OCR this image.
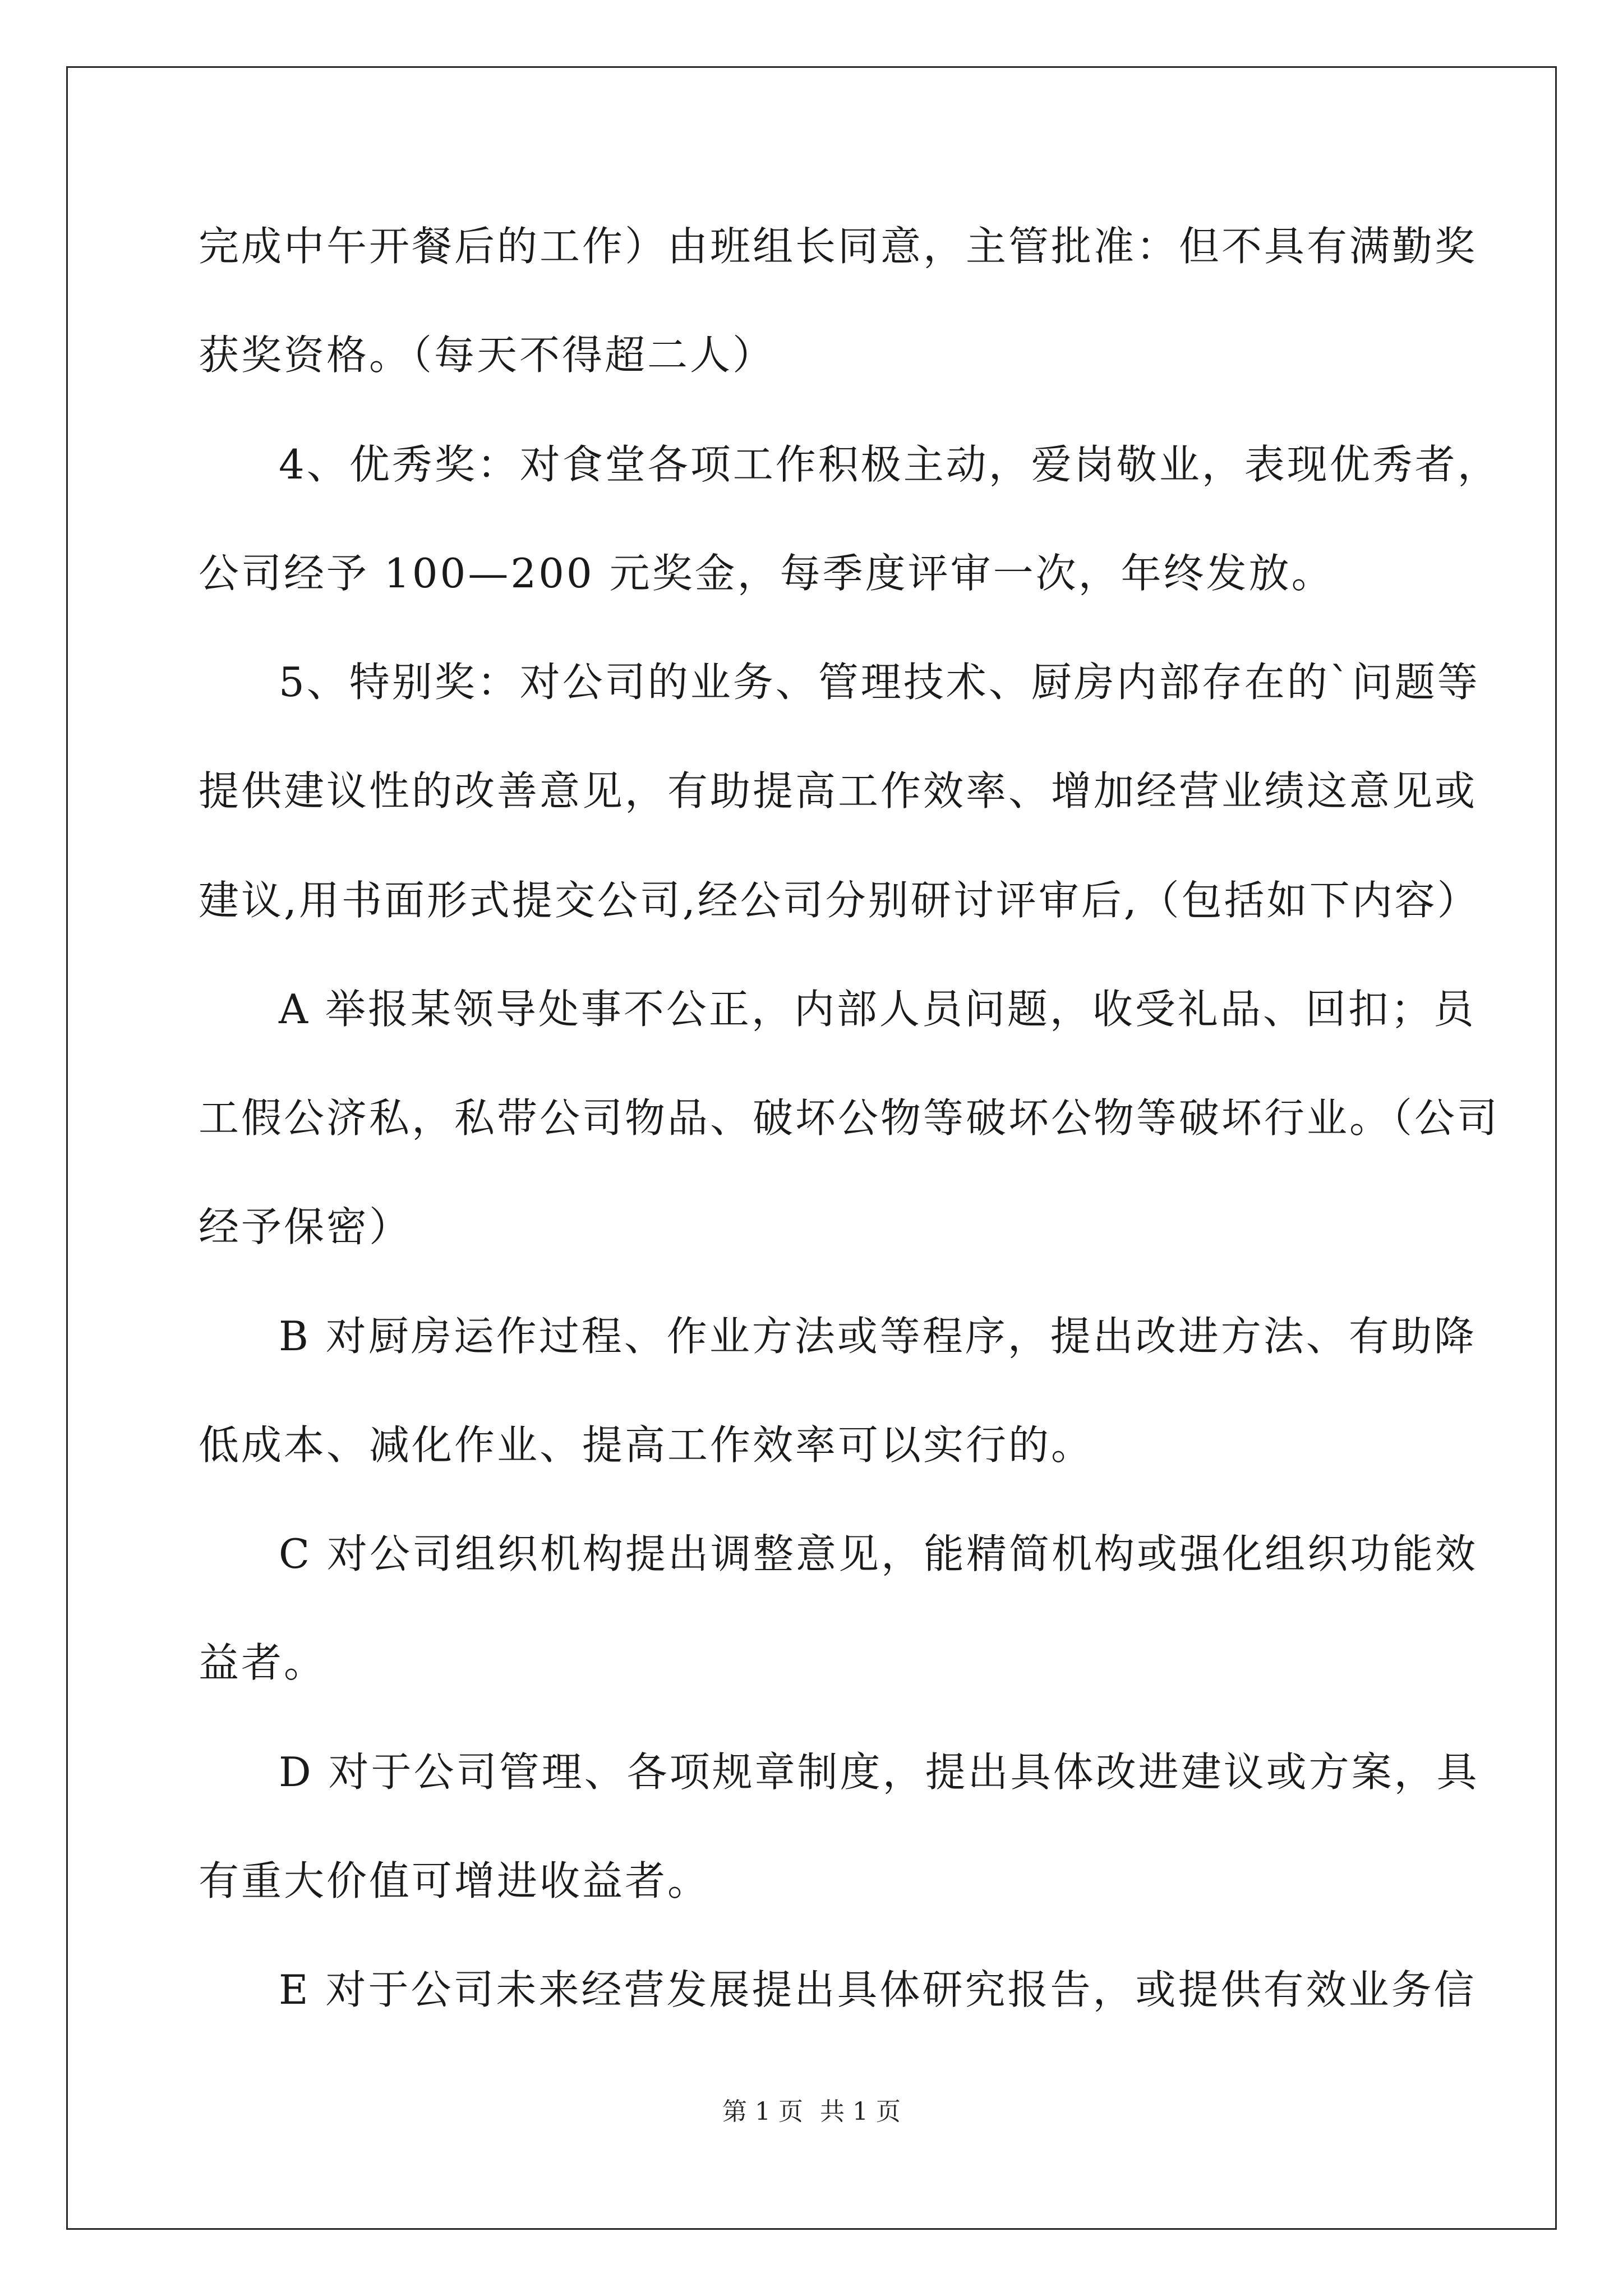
完成中午开餐后的工作）由班组长同意，主管批准：但不具有满勤奖
获奖资格。（每天不得超二人）
4、优秀奖：对食堂各项工作积极主动，爱岗敬业，表现优秀者，
公司经予 100—200 元奖金，每季度评审一次，年终发放。
5、特别奖：对公司的业务、管理技术、厨房内部存在的`问题等
提供建议性的改善意见，有助提高工作效率、增加经营业绩这意见或
建议,用书面形式提交公司,经公司分别研讨评审后,（包括如下内容）
A 举报某领导处事不公正，内部人员问题，收受礼品、回扣；员
工假公济私，私带公司物品、破坏公物等破坏公物等破坏行业。（公司
经予保密）
B 对厨房运作过程、作业方法或等程序，提出改进方法、有助降
低成本、减化作业、提高工作效率可以实行的。
C 对公司组织机构提出调整意见，能精简机构或强化组织功能效
益者。
D 对于公司管理、各项规章制度，提出具体改进建议或方案，具
有重大价值可增进收益者。
E 对于公司未来经营发展提出具体研究报告，或提供有效业务信
第 1 页 共 1 页
